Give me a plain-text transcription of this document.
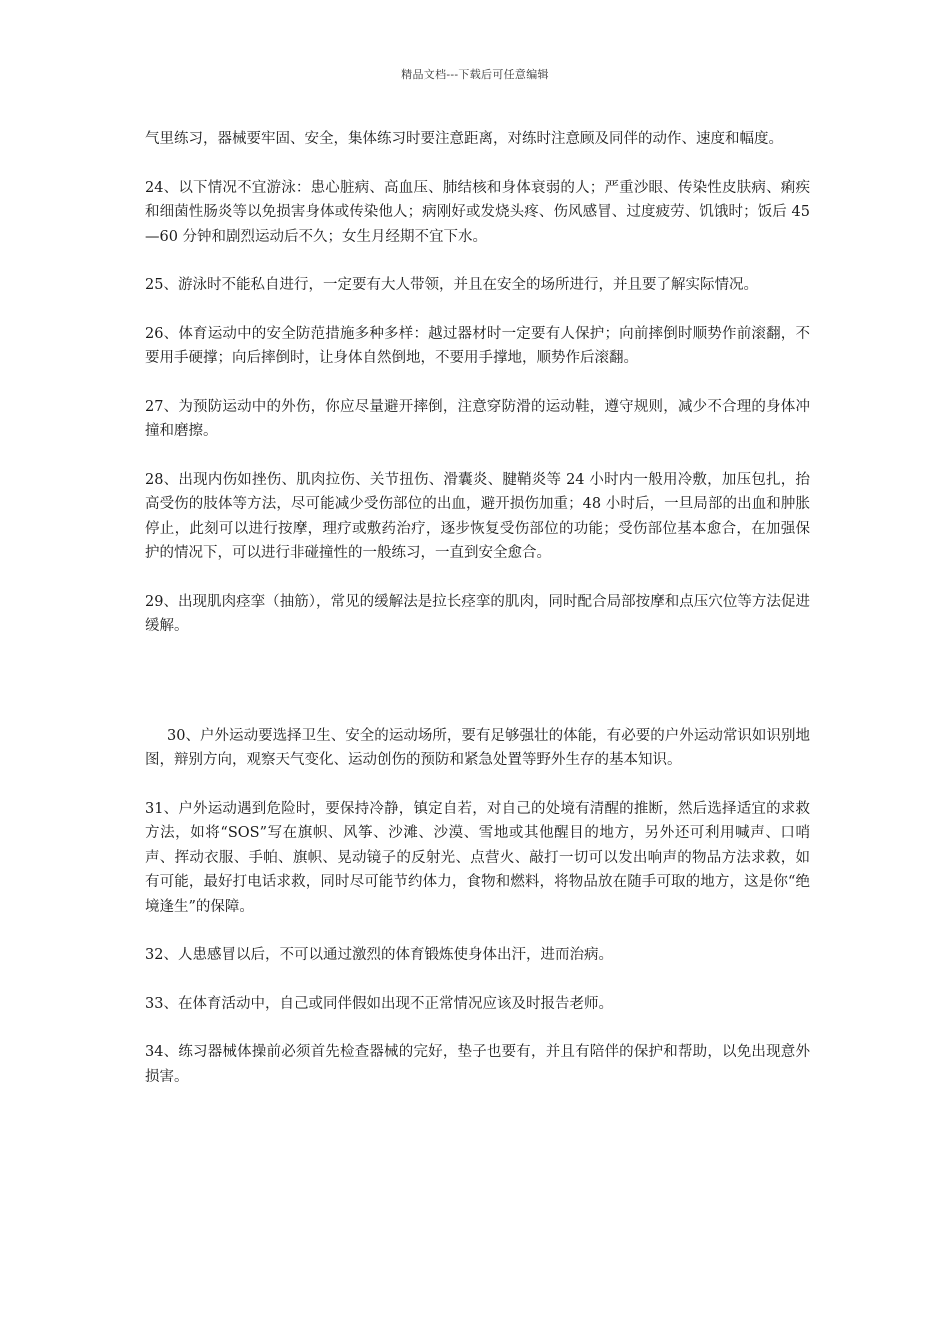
精品文档---下载后可任意编辑

气里练习，器械要牢固、安全，集体练习时要注意距离，对练时注意顾及同伴的动作、速度和幅度。

24、以下情况不宜游泳：患心脏病、高血压、肺结核和身体衰弱的人；严重沙眼、传染性皮肤病、痢疾和细菌性肠炎等以免损害身体或传染他人；病刚好或发烧头疼、伤风感冒、过度疲劳、饥饿时；饭后 45—60 分钟和剧烈运动后不久；女生月经期不宜下水。

25、游泳时不能私自进行，一定要有大人带领，并且在安全的场所进行，并且要了解实际情况。

26、体育运动中的安全防范措施多种多样：越过器材时一定要有人保护；向前摔倒时顺势作前滚翻，不要用手硬撑；向后摔倒时，让身体自然倒地，不要用手撑地，顺势作后滚翻。

27、为预防运动中的外伤，你应尽量避开摔倒，注意穿防滑的运动鞋，遵守规则，减少不合理的身体冲撞和磨擦。

28、出现内伤如挫伤、肌肉拉伤、关节扭伤、滑囊炎、腱鞘炎等 24 小时内一般用冷敷，加压包扎，抬高受伤的肢体等方法，尽可能减少受伤部位的出血，避开损伤加重；48 小时后，一旦局部的出血和肿胀停止，此刻可以进行按摩，理疗或敷药治疗，逐步恢复受伤部位的功能；受伤部位基本愈合，在加强保护的情况下，可以进行非碰撞性的一般练习，一直到安全愈合。

29、出现肌肉痉挛（抽筋），常见的缓解法是拉长痉挛的肌肉，同时配合局部按摩和点压穴位等方法促进缓解。

30、户外运动要选择卫生、安全的运动场所，要有足够强壮的体能，有必要的户外运动常识如识别地图，辩别方向，观察天气变化、运动创伤的预防和紧急处置等野外生存的基本知识。

31、户外运动遇到危险时，要保持冷静，镇定自若，对自己的处境有清醒的推断，然后选择适宜的求救方法，如将“SOS”写在旗帜、风筝、沙滩、沙漠、雪地或其他醒目的地方，另外还可利用喊声、口哨声、挥动衣服、手帕、旗帜、晃动镜子的反射光、点营火、敲打一切可以发出响声的物品方法求救，如有可能，最好打电话求救，同时尽可能节约体力，食物和燃料，将物品放在随手可取的地方，这是你“绝境逢生”的保障。

32、人患感冒以后，不可以通过激烈的体育锻炼使身体出汗，进而治病。

33、在体育活动中，自己或同伴假如出现不正常情况应该及时报告老师。

34、练习器械体操前必须首先检查器械的完好，垫子也要有，并且有陪伴的保护和帮助，以免出现意外损害。
